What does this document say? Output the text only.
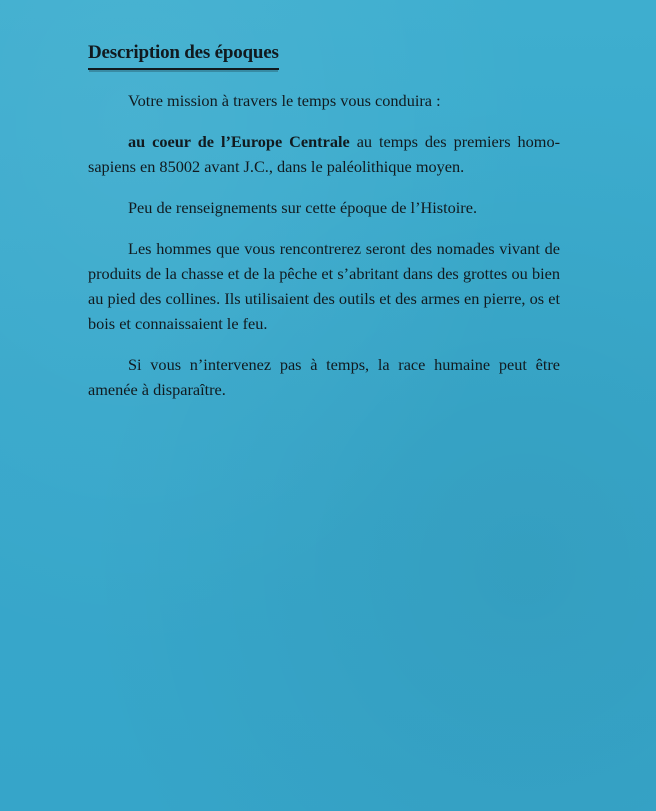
Description des époques

Votre mission à travers le temps vous conduira :

au coeur de l’Europe Centrale au temps des premiers homo-sapiens en 85002 avant J.C., dans le paléolithique moyen.

Peu de renseignements sur cette époque de l’Histoire.

Les hommes que vous rencontrerez seront des nomades vivant de produits de la chasse et de la pêche et s’abritant dans des grottes ou bien au pied des collines. Ils utilisaient des outils et des armes en pierre, os et bois et connaissaient le feu.

Si vous n’intervenez pas à temps, la race humaine peut être amenée à disparaître.
